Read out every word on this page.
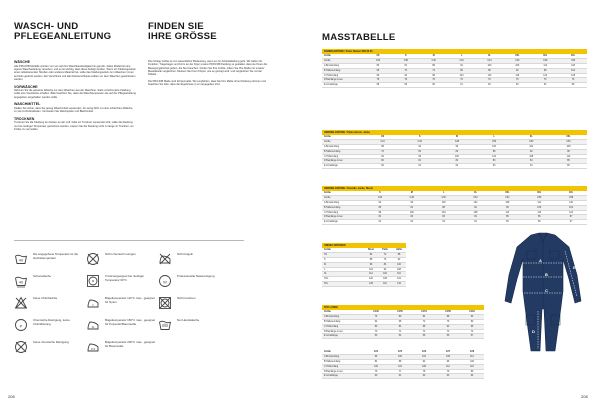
WASCH- UND
PFLEGEANLEITUNG
FINDEN SIE
IHRE GRÖSSE	MASSTABELLE
WÄSCHE

Alle PROJOB Modelle wurden von uns auf ihre Waschbeständigkeit hin geprüft. Jedes Modell ist eine eigene Waschanleitung versehen, und es ist wichtig, dass diese befolgt werden. Wenn ein Kleidungsstück einen reflektierenden Streifen oder anderes Material hat, sollte das Kleidungsstück zum Waschen immer auf links gedreht werden. Der Verschluss und alle Klettverschlüsse sollten vor dem Waschen geschlossen werden.

VORWÄSCHE

Nehmen Sie die gesamte Wäsche vor dem Waschen aus der Maschine. Stark verschmutzte Kleidung sollte eine Vorwäsche erhalten. Bitte beachten Sie, dass die Waschtemperatur wie auf der Pflegeanleitung angegeben eingehalten werden sollte.

WASCHMITTEL

Stellen Sie sicher, dass Sie genug Waschmittel verwenden. Zu wenig führt zu einer schlechten Wäsche, zu viel zu Rückständen. Vermeiden Sie Weichspüler und Bleichmittel.

TROCKNEN

Trocknen Sie die Kleidung am besten an der Luft. Falls ein Trockner verwendet wird, sollte die Kleidung nur bei niedriger Temperatur getrocknet werden. Lassen Sie die Kleidung nicht zu lange im Trockner, um Knitter zu vermeiden.

Die richtige Größe ist von wesentlicher Bedeutung, wenn es zur Arbeitskleidung geht. Wir haben für Funktion, Tragetragen und Form an der Figur unsere PROJOB Kleidung so gestaltet, dass sie Ihnen die Bewegungsfreiheit geben, die Sie brauchen. Finden Sie Ihre Größe, indem Sie Ihre Maße mit unserer Masstabelle vergleichen. Messen Sie Ihren Körper, wie es gezeigt wird, und vergleichen Sie mit der Tabelle.

Die PROJOB Maße sind Körpermaße. Wir empfehlen, dass Sie Ihre Maße ohne Kleidung nehmen und beachten Sie bitte, dass die Ergebnisse in cm angegeben sind.

40
Die angegebene Temperatur ist die Höchsttemperatur
Nicht chemisch reinigen	Nicht bügeln
40
Schonwäsche	Trocknergeeignet bei niedriger Temperatur 60°C	W
Professionelle Nassreinigung
Keine Chlorbleiche
•
Bügeltemperatur 110°C max., geeignet für Nylon
Nicht trocknen
P
Chemische Reinigung, keine Chloridlösung
••
Bügeltemperatur 150°C max., geeignet für Polyester/Baumwolle
Nur Handwäsche
Keine chemische Reinigung
•••
Bügeltemperatur 200°C max., geeignet für Baumwolle
DAMEN-GRÖSSE / Pants Damen DIN 36-46
Größe	XS	S	M	L	XL	XXL	3XL	4XL
Größe	C36	C38	C40	C42	C44	C46	C48	C50
A Brustumfang	80	84	88	94	100	106	112	118
B Taillenumfang	66	70	74	80	86	92	98	104
C Hüftumfang	90	94	98	104	110	116	122	128
D Beinlänge innen	76	76	76	76	76	76	76	76
E Ärmellänge	58	59	60	61	62	63	64	65
HERREN-GRÖSSE / Pants Herren, Jacke
Größe	XS	S	M	L	XL	XXL
Größe	C44	C46	C48	C50	C52	C54
A Brustumfang	88	92	96	100	104	108
B Taillenumfang	76	80	84	88	92	96
C Hüftumfang	92	96	100	104	108	112
D Beinlänge innen	80	81	82	83	84	85
E Ärmellänge	60	61	62	63	64	65
HERREN-GRÖSSE / Overalls, Jacke, Weste
Größe	S	M	L	XL	XXL	3XL	4XL
Größe	C46	C48	C50	C52	C54	C56	C58
A Brustumfang	92	96	100	104	108	112	116
B Taillenumfang	80	84	88	92	96	100	104
C Hüftumfang	96	100	104	108	112	116	120
D Beinlänge innen	81	82	83	84	85	86	87
E Ärmellänge	61	62	63	64	65	66	67
UNISEX GRÖSSEN
Größe	Brust	Taille	Hüfte
XS	84	72	88
S	88	76	92
M	96	84	100
L	104	92	108
XL	112	100	116
XXL	120	108	124
3XL	128	116	132
FÜR LÄNGE
Größe	C146	C150	C154	C158	C162
A Brustumfang	76	80	84	88	92
B Taillenumfang	64	68	72	76	80
C Hüftumfang	80	84	88	92	96
D Beinlänge innen	70	71	72	73	74
E Ärmellänge	53	54	55	56	57
Größe	C24	C25	C26	C27	C28
A Brustumfang	96	100	104	108	112
B Taillenumfang	84	88	92	96	100
C Hüftumfang	100	104	108	112	116
D Beinlänge innen	76	77	78	79	80
E Ärmellänge	60	61	62	63	64
A
B
C
D
E
206	208
